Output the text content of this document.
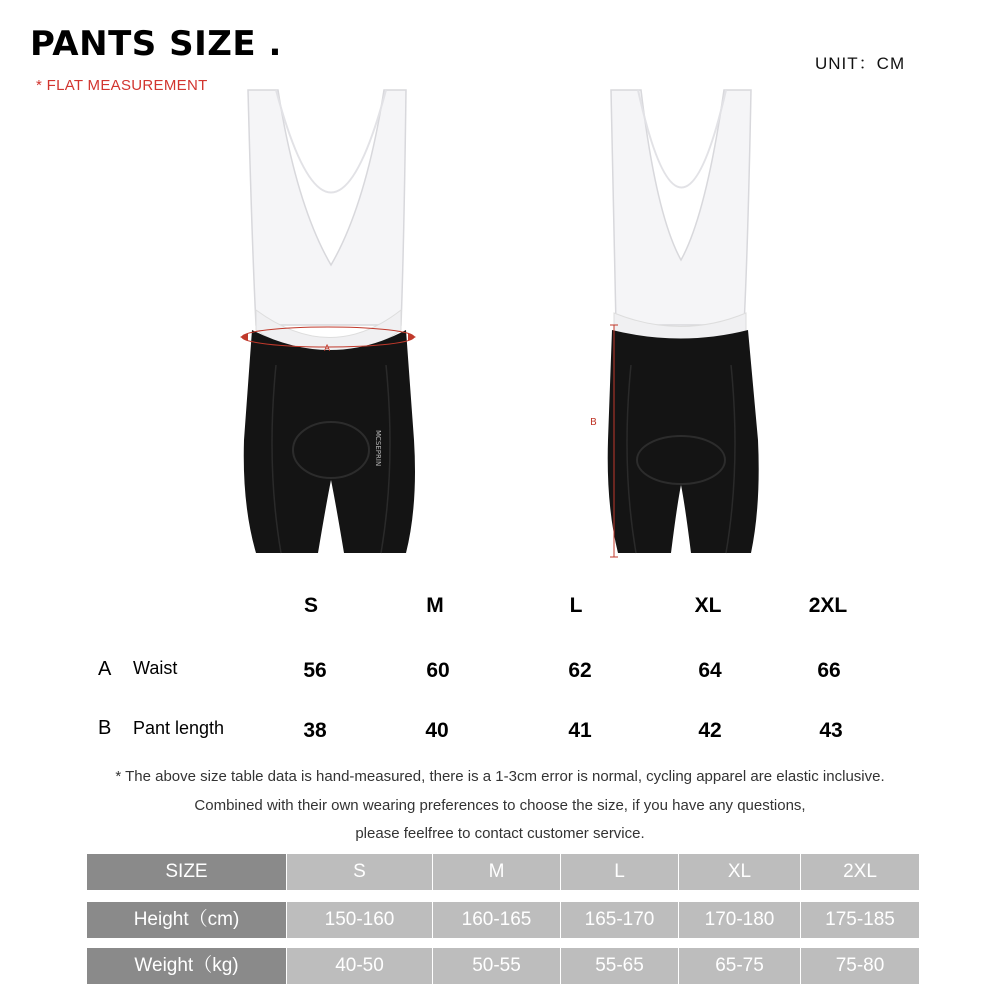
PANTS SIZE .
* FLAT MEASUREMENT
UNIT：CM
MCSEPRIN
A
B
S	M	L	XL	2XL
A Waist	56	60	62	64	66
B Pant length	38	40	41	42	43
* The above size table data is hand-measured, there is a 1-3cm error is normal, cycling apparel are elastic inclusive.
Combined with their own wearing preferences to choose the size, if you have any questions,
please feelfree to contact customer service.
SIZE	S	M	L	XL	2XL
Height（cm)	150-160	160-165	165-170	170-180	175-185
Weight（kg)	40-50	50-55	55-65	65-75	75-80
